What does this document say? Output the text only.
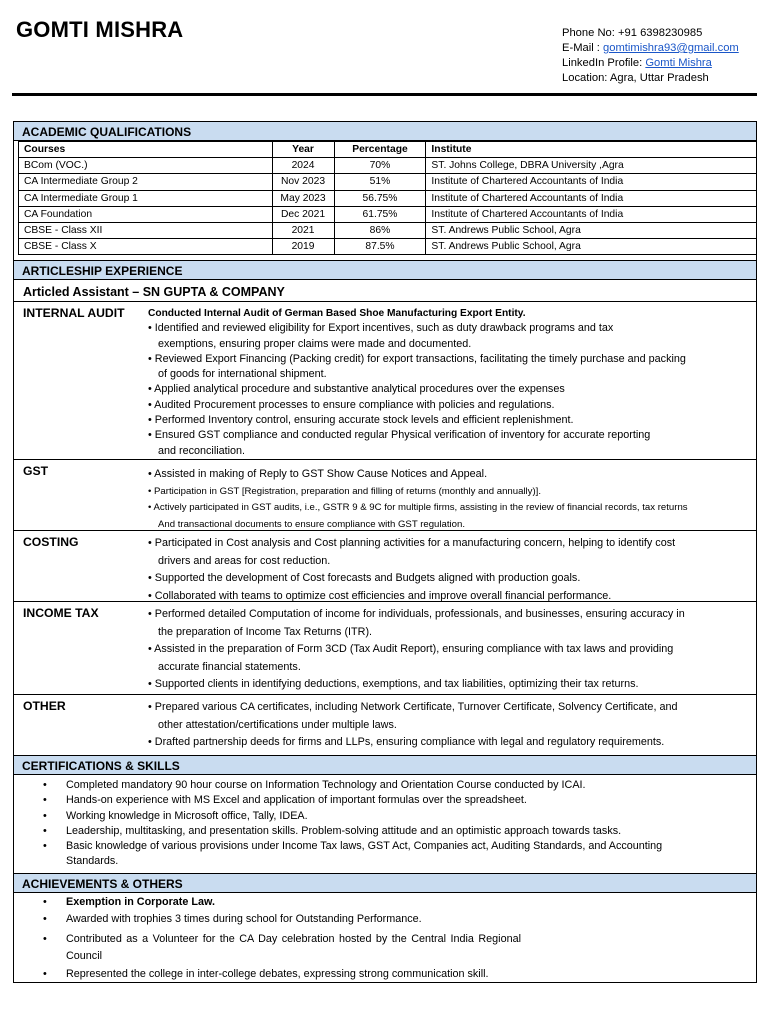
GOMTI MISHRA	Phone No: +91 6398230985
E-Mail : gomtimishra93@gmail.com
LinkedIn Profile: Gomti Mishra
Location: Agra, Uttar Pradesh
ACADEMIC QUALIFICATIONS
Courses	Year	Percentage	Institute
BCom (VOC.)	2024	70%	ST. Johns College, DBRA University ,Agra
CA Intermediate Group 2	Nov 2023	51%	Institute of Chartered Accountants of India
CA Intermediate Group 1	May 2023	56.75%	Institute of Chartered Accountants of India
CA Foundation	Dec 2021	61.75%	Institute of Chartered Accountants of India
CBSE - Class XII	2021	86%	ST. Andrews Public School, Agra
CBSE - Class X	2019	87.5%	ST. Andrews Public School, Agra
ARTICLESHIP EXPERIENCE
Articled Assistant – SN GUPTA & COMPANY
INTERNAL AUDIT Conducted Internal Audit of German Based Shoe Manufacturing Export Entity.
• Identified and reviewed eligibility for Export incentives, such as duty drawback programs and tax
exemptions, ensuring proper claims were made and documented.
• Reviewed Export Financing (Packing credit) for export transactions, facilitating the timely purchase and packing
of goods for international shipment.
• Applied analytical procedure and substantive analytical procedures over the expenses
• Audited Procurement processes to ensure compliance with policies and regulations.
• Performed Inventory control, ensuring accurate stock levels and efficient replenishment.
• Ensured GST compliance and conducted regular Physical verification of inventory for accurate reporting
and reconciliation.
GST	• Assisted in making of Reply to GST Show Cause Notices and Appeal.
• Participation in GST [Registration, preparation and filling of returns (monthly and annually)].
• Actively participated in GST audits, i.e., GSTR 9 & 9C for multiple firms, assisting in the review of financial records, tax returns
And transactional documents to ensure compliance with GST regulation.
COSTING	• Participated in Cost analysis and Cost planning activities for a manufacturing concern, helping to identify cost
drivers and areas for cost reduction.
• Supported the development of Cost forecasts and Budgets aligned with production goals.
• Collaborated with teams to optimize cost efficiencies and improve overall financial performance.
INCOME TAX	• Performed detailed Computation of income for individuals, professionals, and businesses, ensuring accuracy in
the preparation of Income Tax Returns (ITR).
• Assisted in the preparation of Form 3CD (Tax Audit Report), ensuring compliance with tax laws and providing
accurate financial statements.
• Supported clients in identifying deductions, exemptions, and tax liabilities, optimizing their tax returns.
OTHER	• Prepared various CA certificates, including Network Certificate, Turnover Certificate, Solvency Certificate, and
other attestation/certifications under multiple laws.
• Drafted partnership deeds for firms and LLPs, ensuring compliance with legal and regulatory requirements.
CERTIFICATIONS & SKILLS
• Completed mandatory 90 hour course on Information Technology and Orientation Course conducted by ICAI.
• Hands-on experience with MS Excel and application of important formulas over the spreadsheet.
• Working knowledge in Microsoft office, Tally, IDEA.
• Leadership, multitasking, and presentation skills. Problem-solving attitude and an optimistic approach towards tasks.
• Basic knowledge of various provisions under Income Tax laws, GST Act, Companies act, Auditing Standards, and Accounting Standards.
ACHIEVEMENTS & OTHERS
• Exemption in Corporate Law.
• Awarded with trophies 3 times during school for Outstanding Performance.
• Contributed as a Volunteer for the CA Day celebration hosted by the Central India Regional Council
• Represented the college in inter-college debates, expressing strong communication skill.
